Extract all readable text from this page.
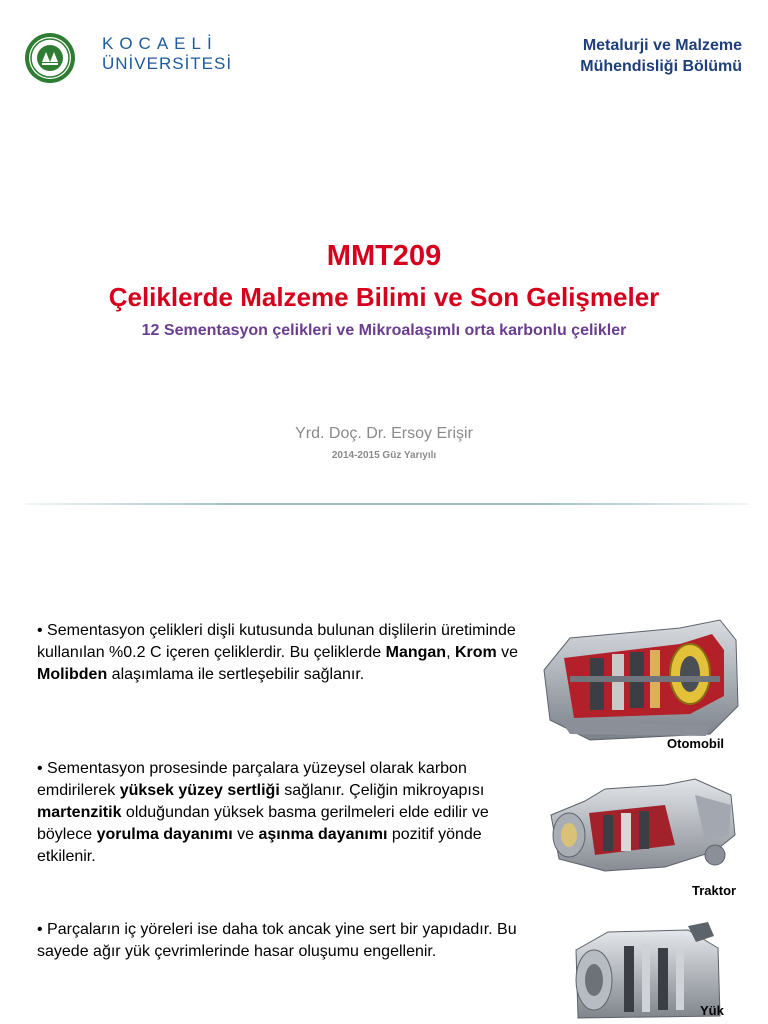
KOCAELİ
ÜNİVERSİTESİ
Metalurji ve Malzeme
Mühendisliği Bölümü
MMT209
Çeliklerde Malzeme Bilimi ve Son Gelişmeler
12 Sementasyon çelikleri ve Mikroalaşımlı orta karbonlu çelikler
Yrd. Doç. Dr. Ersoy Erişir
2014-2015 Güz Yarıyılı
• Sementasyon çelikleri dişli kutusunda bulunan dişlilerin üretiminde kullanılan %0.2 C içeren çeliklerdir. Bu çeliklerde Mangan, Krom ve Molibden alaşımlama ile sertleşebilir sağlanır.
• Sementasyon prosesinde parçalara yüzeysel olarak karbon emdirilerek yüksek yüzey sertliği sağlanır. Çeliğin mikroyapısı martenzitik olduğundan yüksek basma gerilmeleri elde edilir ve böylece yorulma dayanımı ve aşınma dayanımı pozitif yönde etkilenir.
• Parçaların iç yöreleri ise daha tok ancak yine sert bir yapıdadır. Bu sayede ağır yük çevrimlerinde hasar oluşumu engellenir.
Otomobil
Traktor
Yük
